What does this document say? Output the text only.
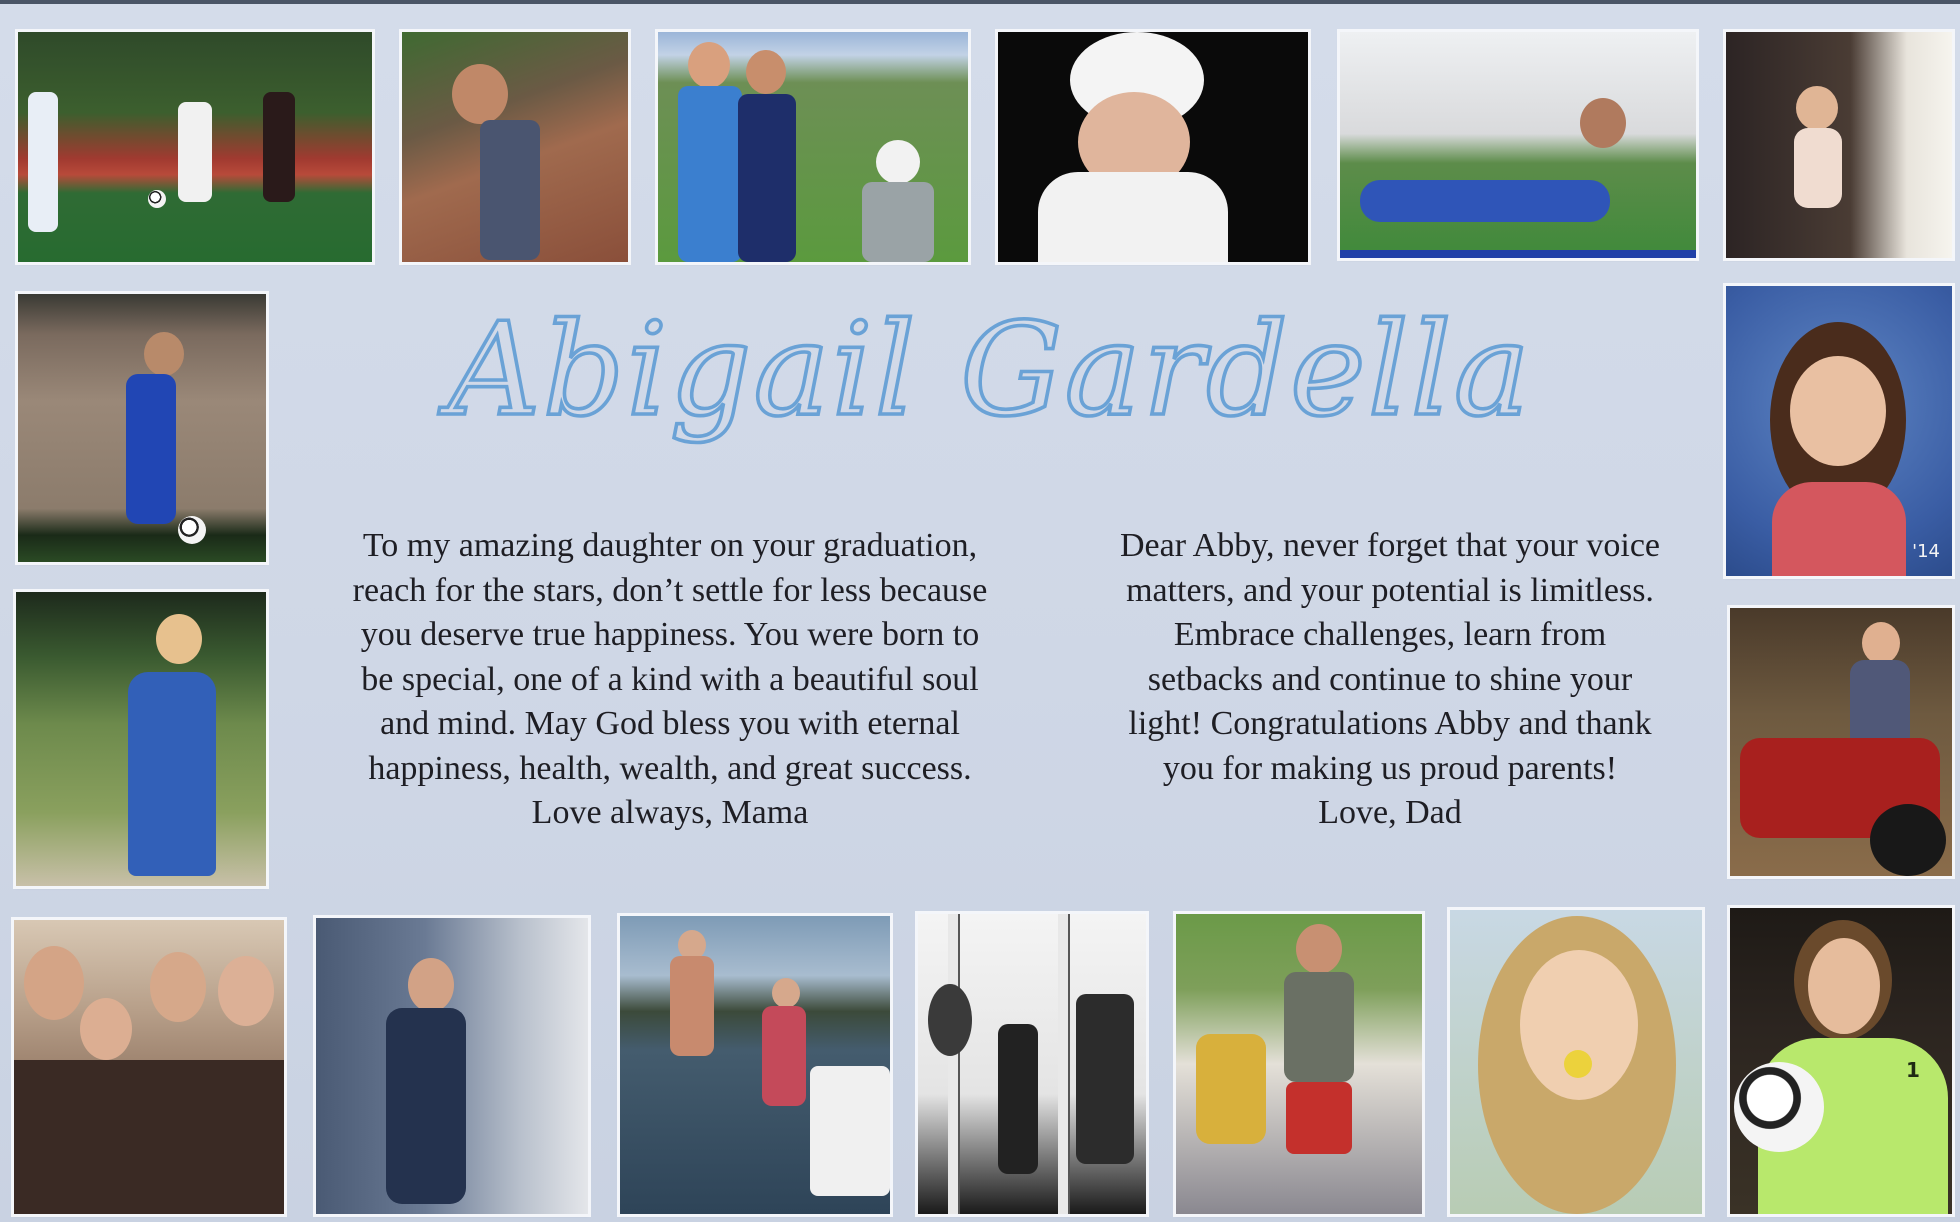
'14
Abigail Gardella
To my amazing daughter on your graduation,
reach for the stars, don’t settle for less because
you deserve true happiness. You were born to
be special, one of a kind with a beautiful soul
and mind. May God bless you with eternal
happiness, health, wealth, and great success.
Love always, Mama
Dear Abby, never forget that your voice
matters, and your potential is limitless.
Embrace challenges, learn from
setbacks and continue to shine your
light! Congratulations Abby and thank
you for making us proud parents!
Love, Dad
1
